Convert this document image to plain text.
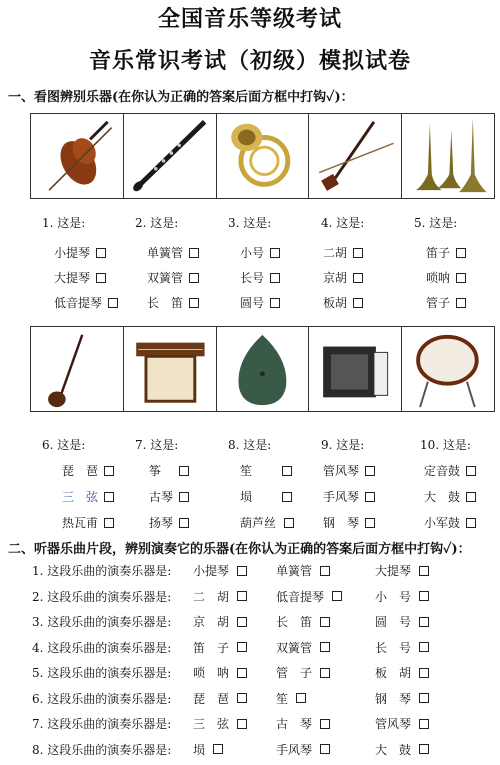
全国音乐等级考试
音乐常识考试（初级）模拟试卷
一、看图辨别乐器(在你认为正确的答案后面方框中打钩✓)：
1. 这是:
小提琴
大提琴
低音提琴
2. 这是:
单簧管
双簧管
长　笛
3. 这是:
小号
长号
圆号
4. 这是:
二胡
京胡
板胡
5. 这是:
笛子
唢呐
管子
6. 这是:
琵　琶
三　弦
热瓦甫
7. 这是:
筝
古琴
扬琴
8. 这是:
笙
埙
葫芦丝
9. 这是:
管风琴
手风琴
钢　琴
10. 这是:
定音鼓
大　鼓
小军鼓
二、听器乐曲片段，辨别演奏它的乐器(在你认为正确的答案后面方框中打钩✓)：
1. 这段乐曲的演奏乐器是: 小提琴	单簧管	大提琴
2. 这段乐曲的演奏乐器是: 二　胡	低音提琴	小　号
3. 这段乐曲的演奏乐器是: 京　胡	长　笛	圆　号
4. 这段乐曲的演奏乐器是: 笛　子	双簧管	长　号
5. 这段乐曲的演奏乐器是: 唢　呐	管　子	板　胡
6. 这段乐曲的演奏乐器是: 琵　琶	笙	钢　琴
7. 这段乐曲的演奏乐器是: 三　弦	古　琴	管风琴
8. 这段乐曲的演奏乐器是: 埙	手风琴	大　鼓
